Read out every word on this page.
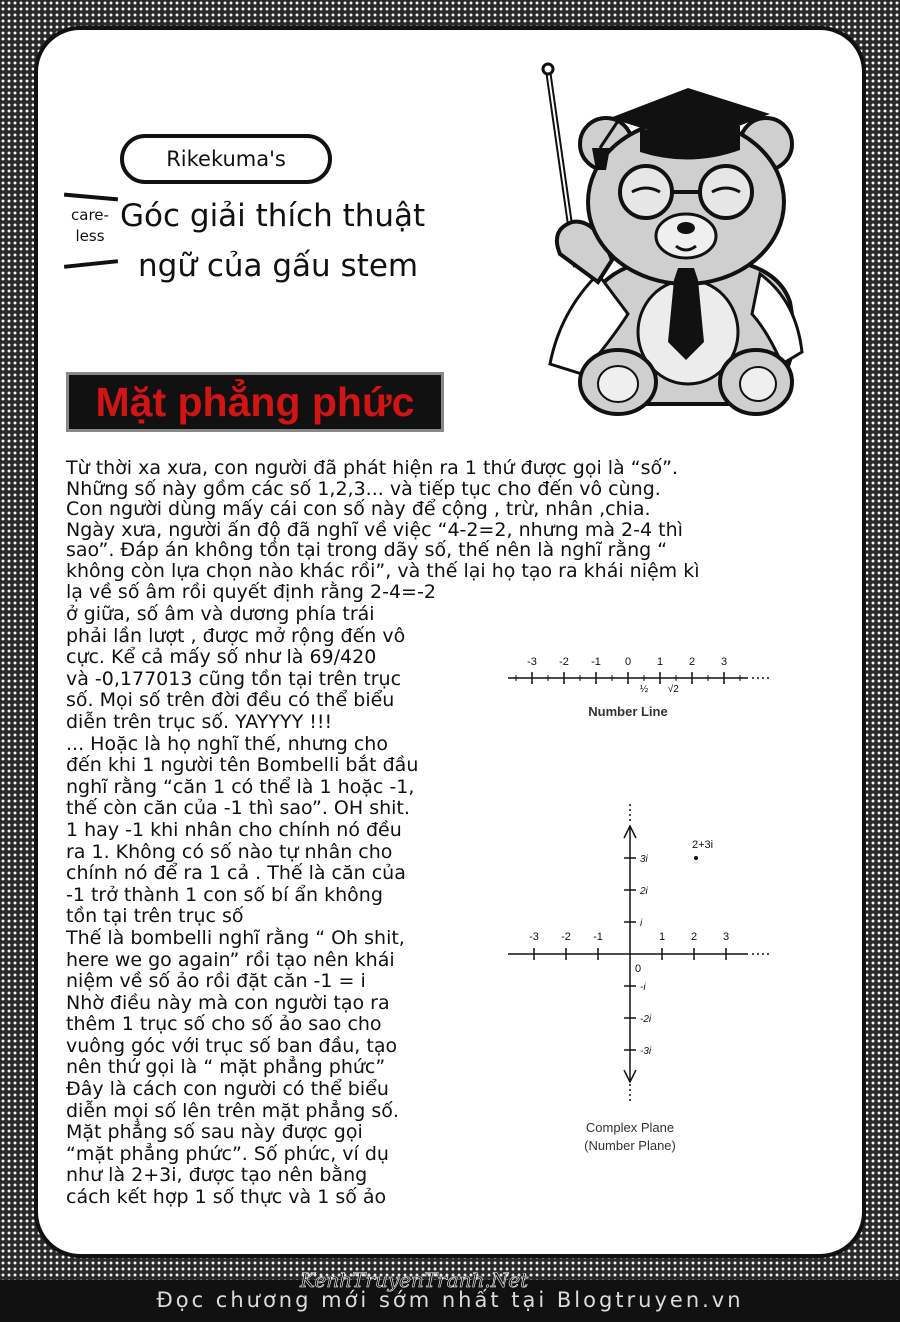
Rikekuma's
care-
less
Góc giải thích thuật
ngữ của gấu stem
Mặt phẳng phức

Từ thời xa xưa, con người đã phát hiện ra 1 thứ được gọi là “số”.
Những số này gồm các số 1,2,3... và tiếp tục cho đến vô cùng.
Con người dùng mấy cái con số này để cộng , trừ, nhân ,chia.
Ngày xưa, người ấn độ đã nghĩ về việc “4-2=2, nhưng mà 2-4 thì
sao”. Đáp án không tồn tại trong dãy số, thế nên là nghĩ rằng “
không còn lựa chọn nào khác rồi”, và thế lại họ tạo ra khái niệm kì
lạ về số âm rồi quyết định rằng 2-4=-2

ở giữa, số âm và dương phía trái
phải lần lượt , được mở rộng đến vô
cực. Kể cả mấy số như là 69/420
và -0,177013 cũng tồn tại trên trục
số. Mọi số trên đời đều có thể biểu
diễn trên trục số. YAYYYY !!!
... Hoặc là họ nghĩ thế, nhưng cho
đến khi 1 người tên Bombelli bắt đầu
nghĩ rằng “căn 1 có thể là 1 hoặc -1,
thế còn căn của -1 thì sao”. OH shit.
1 hay -1 khi nhân cho chính nó đều
ra 1. Không có số nào tự nhân cho
chính nó để ra 1 cả . Thế là căn của
-1 trở thành 1 con số bí ẩn không
tồn tại trên trục số
Thế là bombelli nghĩ rằng “ Oh shit,
here we go again” rồi tạo nên khái
niệm về số ảo rồi đặt căn -1 = i
Nhờ điều này mà con người tạo ra
thêm 1 trục số cho số ảo sao cho
vuông góc với trục số ban đầu, tạo
nên thứ gọi là “ mặt phẳng phức”
Đây là cách con người có thể biểu
diễn mọi số lên trên mặt phẳng số.
Mặt phẳng số sau này được gọi
“mặt phẳng phức”. Số phức, ví dụ
như là 2+3i, được tạo nên bằng
cách kết hợp 1 số thực và 1 số ảo

-3 -2 -1 0 1 2 3
½ √2
Number Line
-3 -2 -1	1 2 3
0
3i
2i
i
-i
-2i
-3i
2+3i
Complex Plane
(Number Plane)
Đọc chương mới sớm nhất tại Blogtruyen.vn
KenhTruyenTranh.Net
